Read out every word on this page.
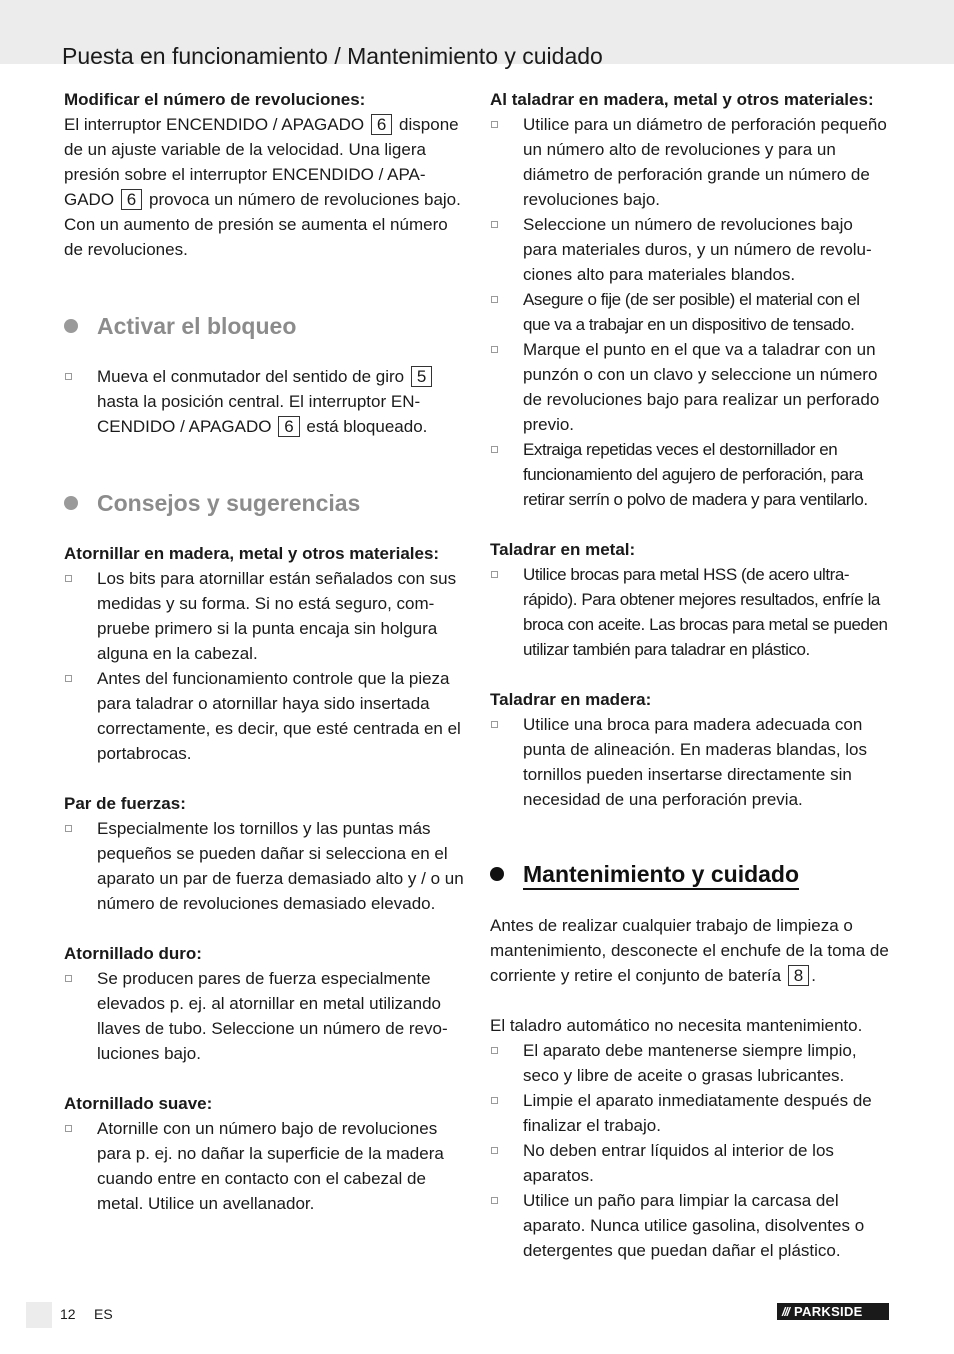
Puesta en funcionamiento / Mantenimiento y cuidado

Modificar el número de revoluciones:

El interruptor ENCENDIDO / APAGADO 6 dispone de un ajuste variable de la velocidad. Una ligera presión sobre el interruptor ENCENDIDO / APA-GADO 6 provoca un número de revoluciones bajo. Con un aumento de presión se aumenta el número de revoluciones.

Activar el bloqueo
Mueva el conmutador del sentido de giro 5 hasta la posición central. El interruptor EN-CENDIDO / APAGADO 6 está bloqueado.
Consejos y sugerencias

Atornillar en madera, metal y otros materiales:

Los bits para atornillar están señalados con sus medidas y su forma. Si no está seguro, com-pruebe primero si la punta encaja sin holgura alguna en la cabezal.
Antes del funcionamiento controle que la pieza para taladrar o atornillar haya sido insertada correctamente, es decir, que esté centrada en el portabrocas.

Par de fuerzas:

Especialmente los tornillos y las puntas más pequeños se pueden dañar si selecciona en el aparato un par de fuerza demasiado alto y / o un número de revoluciones demasiado elevado.

Atornillado duro:

Se producen pares de fuerza especialmente elevados p. ej. al atornillar en metal utilizando llaves de tubo. Seleccione un número de revo-luciones bajo.

Atornillado suave:

Atornille con un número bajo de revoluciones para p. ej. no dañar la superficie de la madera cuando entre en contacto con el cabezal de metal. Utilice un avellanador.

Al taladrar en madera, metal y otros materiales:

Utilice para un diámetro de perforación pequeño un número alto de revoluciones y para un diámetro de perforación grande un número de revoluciones bajo.
Seleccione un número de revoluciones bajo para materiales duros, y un número de revolu-ciones alto para materiales blandos.
Asegure o fije (de ser posible) el material con el que va a trabajar en un dispositivo de tensado.
Marque el punto en el que va a taladrar con un punzón o con un clavo y seleccione un número de revoluciones bajo para realizar un perforado previo.
Extraiga repetidas veces el destornillador en funcionamiento del agujero de perforación, para retirar serrín o polvo de madera y para ventilarlo.

Taladrar en metal:

Utilice brocas para metal HSS (de acero ultra-rápido). Para obtener mejores resultados, enfríe la broca con aceite. Las brocas para metal se pueden utilizar también para taladrar en plástico.

Taladrar en madera:

Utilice una broca para madera adecuada con punta de alineación. En maderas blandas, los tornillos pueden insertarse directamente sin necesidad de una perforación previa.
Mantenimiento y cuidado

Antes de realizar cualquier trabajo de limpieza o mantenimiento, desconecte el enchufe de la toma de corriente y retire el conjunto de batería 8 .

El taladro automático no necesita mantenimiento.

El aparato debe mantenerse siempre limpio, seco y libre de aceite o grasas lubricantes.
Limpie el aparato inmediatamente después de finalizar el trabajo.
No deben entrar líquidos al interior de los aparatos.
Utilice un paño para limpiar la carcasa del aparato. Nunca utilice gasolina, disolventes o detergentes que puedan dañar el plástico.
12 ES	/// PARKSIDE
